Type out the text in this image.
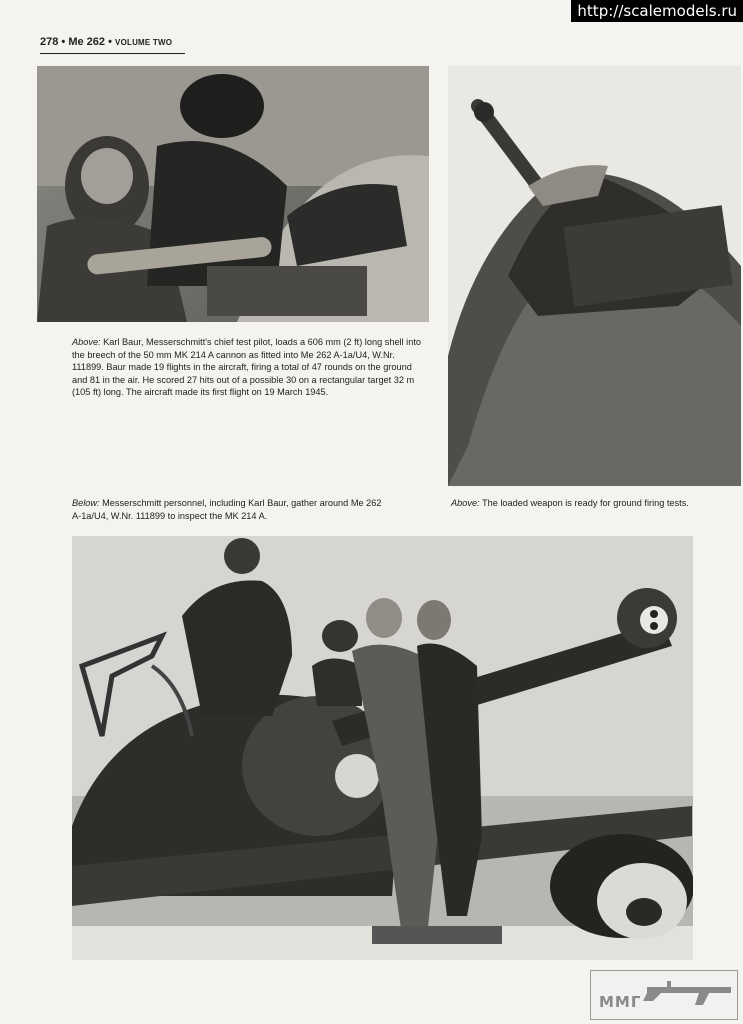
http://scalemodels.ru
278 • Me 262 • VOLUME TWO
Above: Karl Baur, Messerschmitt's chief test pilot, loads a 606 mm (2 ft) long shell into the breech of the 50 mm MK 214 A cannon as fitted into Me 262 A-1a/U4, W.Nr. 111899. Baur made 19 flights in the aircraft, firing a total of 47 rounds on the ground and 81 in the air. He scored 27 hits out of a possible 30 on a rectangular target 32 m (105 ft) long. The aircraft made its first flight on 19 March 1945.
Below: Messerschmitt personnel, including Karl Baur, gather around Me 262 A-1a/U4, W.Nr. 111899 to inspect the MK 214 A.
Above: The loaded weapon is ready for ground firing tests.
ММГ
